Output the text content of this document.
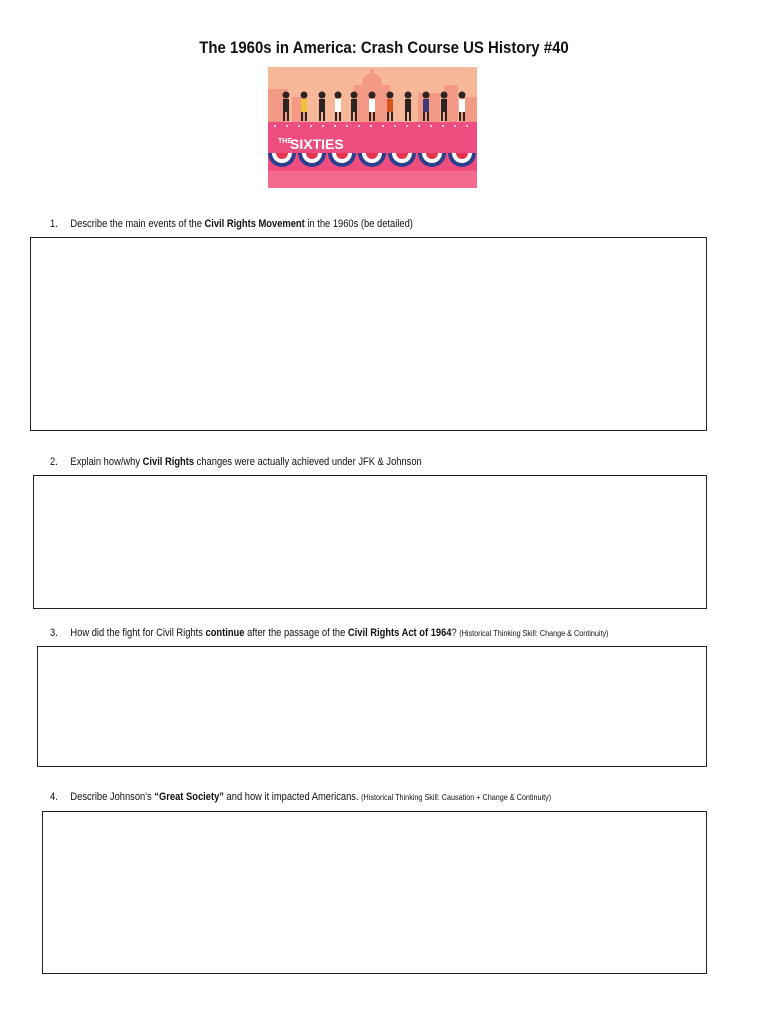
The 1960s in America: Crash Course US History #40
THE
SIXTIES
1. Describe the main events of the Civil Rights Movement in the 1960s (be detailed)
2. Explain how/why Civil Rights changes were actually achieved under JFK & Johnson
3. How did the fight for Civil Rights continue after the passage of the Civil Rights Act of 1964? (Historical Thinking Skill: Change & Continuity)
4. Describe Johnson's “Great Society” and how it impacted Americans. (Historical Thinking Skill: Causation + Change & Continuity)
